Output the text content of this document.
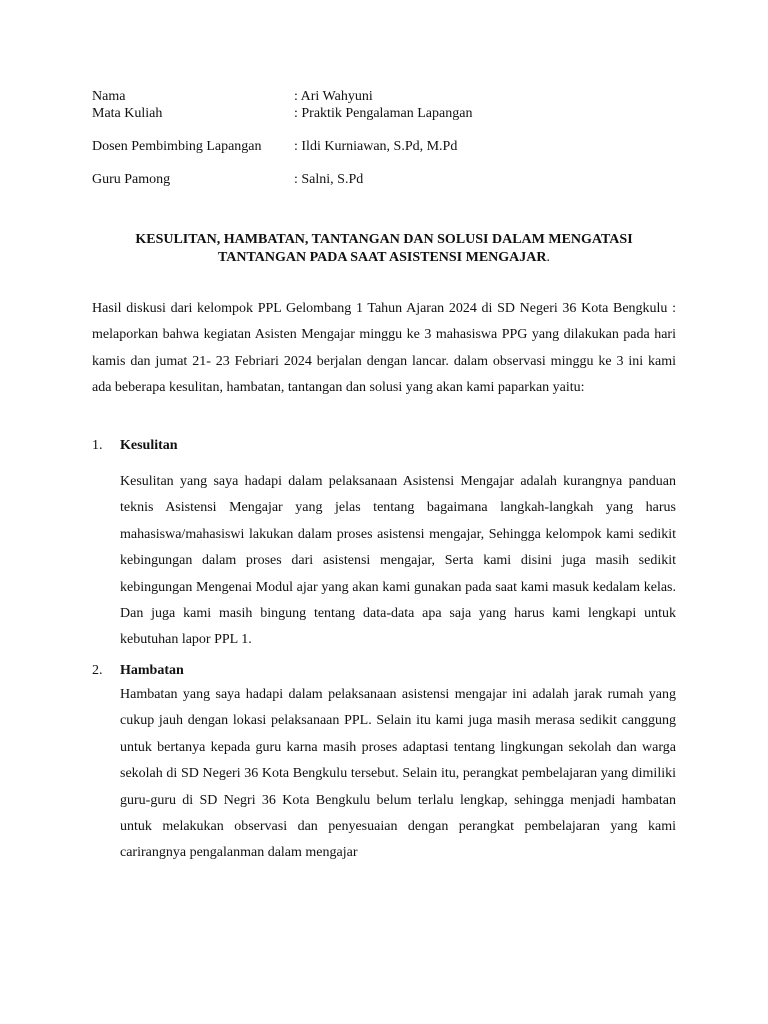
Nama	: Ari Wahyuni
Mata Kuliah	: Praktik Pengalaman Lapangan
Dosen Pembimbing Lapangan	: Ildi Kurniawan, S.Pd, M.Pd
Guru Pamong	: Salni, S.Pd
KESULITAN, HAMBATAN, TANTANGAN DAN SOLUSI DALAM MENGATASI
TANTANGAN PADA SAAT ASISTENSI MENGAJAR.

Hasil diskusi dari kelompok PPL Gelombang 1 Tahun Ajaran 2024 di SD Negeri 36 Kota Bengkulu : melaporkan bahwa kegiatan Asisten Mengajar minggu ke 3 mahasiswa PPG yang dilakukan pada hari kamis dan jumat 21- 23 Febriari 2024 berjalan dengan lancar. dalam observasi minggu ke 3 ini kami ada beberapa kesulitan, hambatan, tantangan dan solusi yang akan kami paparkan yaitu:

1. Kesulitan

Kesulitan yang saya hadapi dalam pelaksanaan Asistensi Mengajar adalah kurangnya panduan teknis Asistensi Mengajar yang jelas tentang bagaimana langkah-langkah yang harus mahasiswa/mahasiswi lakukan dalam proses asistensi mengajar, Sehingga kelompok kami sedikit kebingungan dalam proses dari asistensi mengajar, Serta kami disini juga masih sedikit kebingungan Mengenai Modul ajar yang akan kami gunakan pada saat kami masuk kedalam kelas. Dan juga kami masih bingung tentang data-data apa saja yang harus kami lengkapi untuk kebutuhan lapor PPL 1.

2. Hambatan

Hambatan yang saya hadapi dalam pelaksanaan asistensi mengajar ini adalah jarak rumah yang cukup jauh dengan lokasi pelaksanaan PPL. Selain itu kami juga masih merasa sedikit canggung untuk bertanya kepada guru karna masih proses adaptasi tentang lingkungan sekolah dan warga sekolah di SD Negeri 36 Kota Bengkulu tersebut. Selain itu, perangkat pembelajaran yang dimiliki guru-guru di SD Negri 36 Kota Bengkulu belum terlalu lengkap, sehingga menjadi hambatan untuk melakukan observasi dan penyesuaian dengan perangkat pembelajaran yang kami carirangnya pengalanman dalam mengajar
